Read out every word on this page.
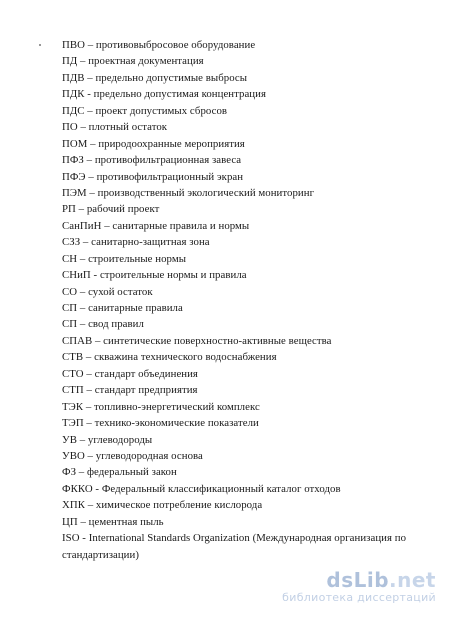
ПВО – противовыбросовое оборудование
ПД – проектная документация
ПДВ – предельно допустимые выбросы
ПДК - предельно допустимая концентрация
ПДС – проект допустимых сбросов
ПО – плотный остаток
ПОМ – природоохранные мероприятия
ПФЗ – противофильтрационная завеса
ПФЭ – противофильтрационный экран
ПЭМ – производственный экологический мониторинг
РП – рабочий проект
СанПиН – санитарные правила и нормы
СЗЗ – санитарно-защитная зона
СН – строительные нормы
СНиП - строительные нормы и правила
СО – сухой остаток
СП – санитарные правила
СП – свод правил
СПАВ – синтетические поверхностно-активные вещества
СТВ – скважина технического водоснабжения
СТО – стандарт объединения
СТП – стандарт предприятия
ТЭК – топливно-энергетический комплекс
ТЭП – технико-экономические показатели
УВ – углеводороды
УВО – углеводородная основа
ФЗ – федеральный закон
ФККО - Федеральный классификационный каталог отходов
ХПК – химическое потребление кислорода
ЦП – цементная пыль
ISO - International Standards Organization (Международная организация по стандартизации)
dsLib.net
библиотека диссертаций
